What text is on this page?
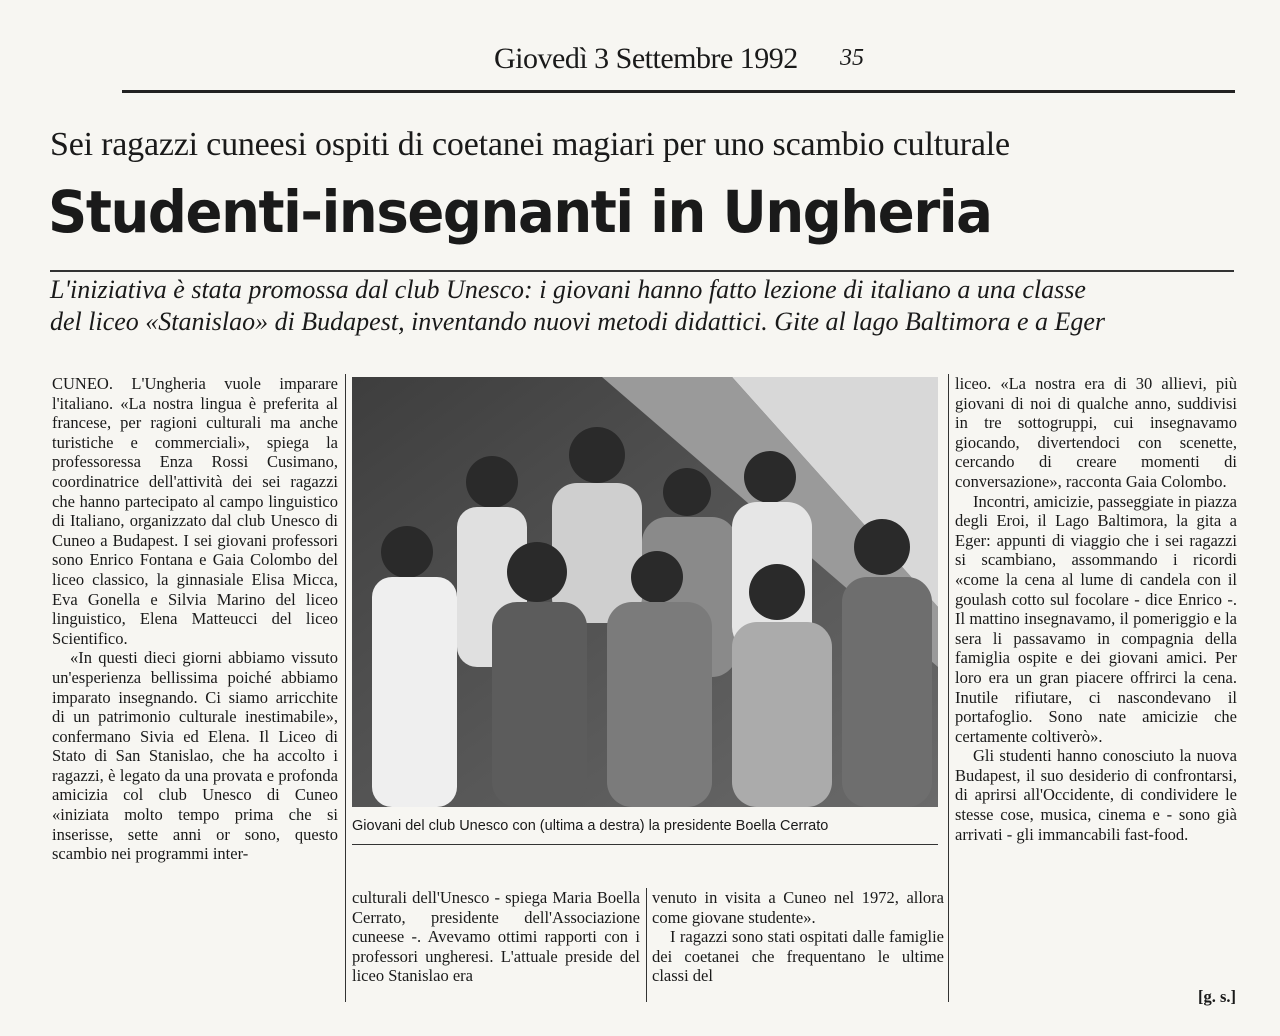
Giovedì 3 Settembre 1992 35
Sei ragazzi cuneesi ospiti di coetanei magiari per uno scambio culturale
Studenti-insegnanti in Ungheria
L'iniziativa è stata promossa dal club Unesco: i giovani hanno fatto lezione di italiano a una classe
del liceo «Stanislao» di Budapest, inventando nuovi metodi didattici. Gite al lago Baltimora e a Eger

CUNEO. L'Ungheria vuole imparare l'italiano. «La nostra lingua è preferita al francese, per ragioni culturali ma anche turistiche e commerciali», spiega la professoressa Enza Rossi Cusimano, coordinatrice dell'attività dei sei ragazzi che hanno partecipato al campo linguistico di Italiano, organizzato dal club Unesco di Cuneo a Budapest. I sei giovani professori sono Enrico Fontana e Gaia Colombo del liceo classico, la ginnasiale Elisa Micca, Eva Gonella e Silvia Marino del liceo linguistico, Elena Matteucci del liceo Scientifico.

«In questi dieci giorni abbiamo vissuto un'esperienza bellissima poiché abbiamo imparato insegnando. Ci siamo arricchite di un patrimonio culturale inestimabile», confermano Sivia ed Elena. Il Liceo di Stato di San Stanislao, che ha accolto i ragazzi, è legato da una provata e profonda amicizia col club Unesco di Cuneo «iniziata molto tempo prima che si inserisse, sette anni or sono, questo scambio nei programmi inter-

Giovani del club Unesco con (ultima a destra) la presidente Boella Cerrato

culturali dell'Unesco - spiega Maria Boella Cerrato, presidente dell'Associazione cuneese -. Avevamo ottimi rapporti con i professori ungheresi. L'attuale preside del liceo Stanislao era

venuto in visita a Cuneo nel 1972, allora come giovane studente».

I ragazzi sono stati ospitati dalle famiglie dei coetanei che frequentano le ultime classi del

liceo. «La nostra era di 30 allievi, più giovani di noi di qualche anno, suddivisi in tre sottogruppi, cui insegnavamo giocando, divertendoci con scenette, cercando di creare momenti di conversazione», racconta Gaia Colombo.

Incontri, amicizie, passeggiate in piazza degli Eroi, il Lago Baltimora, la gita a Eger: appunti di viaggio che i sei ragazzi si scambiano, assommando i ricordi «come la cena al lume di candela con il goulash cotto sul focolare - dice Enrico -. Il mattino insegnavamo, il pomeriggio e la sera li passavamo in compagnia della famiglia ospite e dei giovani amici. Per loro era un gran piacere offrirci la cena. Inutile rifiutare, ci nascondevano il portafoglio. Sono nate amicizie che certamente coltiverò».

Gli studenti hanno conosciuto la nuova Budapest, il suo desiderio di confrontarsi, di aprirsi all'Occidente, di condividere le stesse cose, musica, cinema e - sono già arrivati - gli immancabili fast-food.

[g. s.]
